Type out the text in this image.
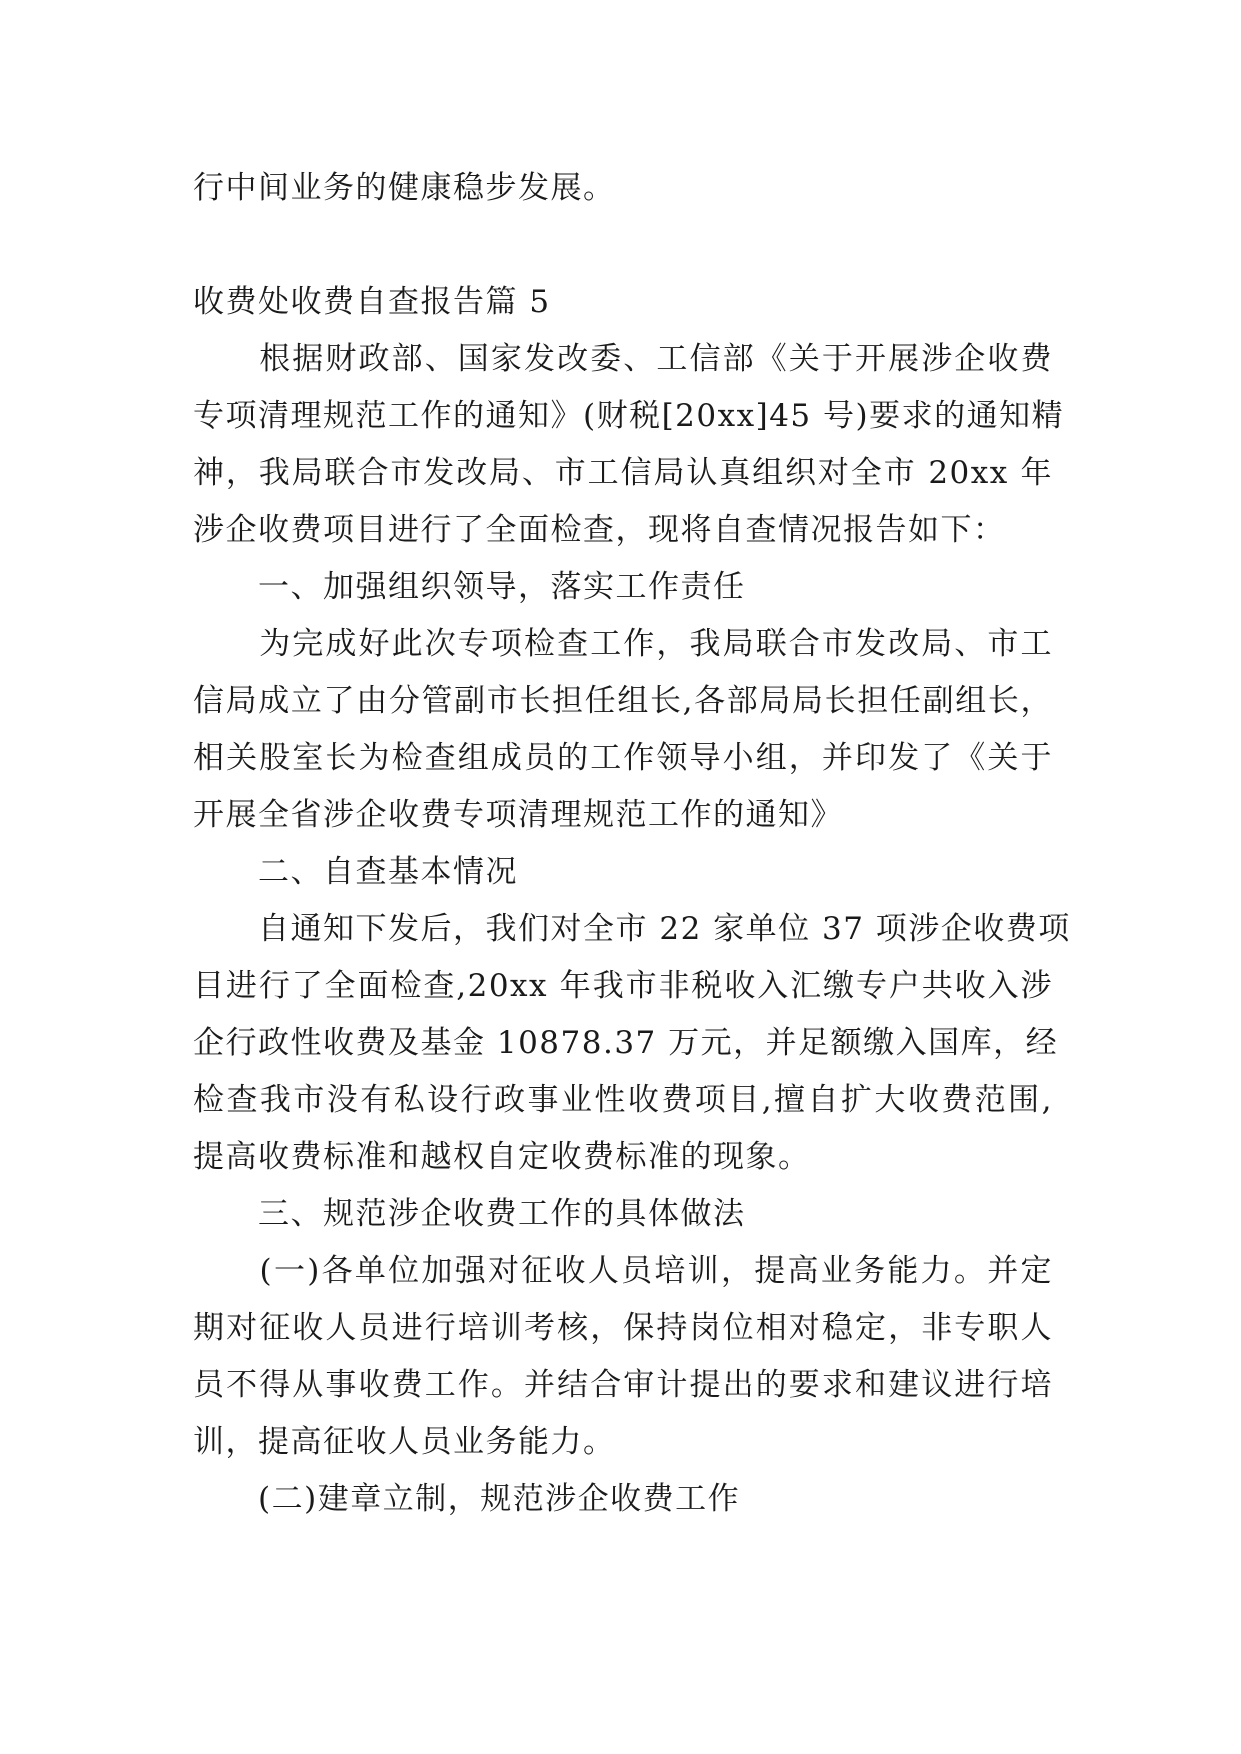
行中间业务的健康稳步发展。
收费处收费自查报告篇 5
　　根据财政部、国家发改委、工信部《关于开展涉企收费
专项清理规范工作的通知》(财税[20xx]45 号)要求的通知精
神，我局联合市发改局、市工信局认真组织对全市 20xx 年
涉企收费项目进行了全面检查，现将自查情况报告如下：
　　一、加强组织领导，落实工作责任
　　为完成好此次专项检查工作，我局联合市发改局、市工
信局成立了由分管副市长担任组长,各部局局长担任副组长，
相关股室长为检查组成员的工作领导小组，并印发了《关于
开展全省涉企收费专项清理规范工作的通知》
　　二、自查基本情况
　　自通知下发后，我们对全市 22 家单位 37 项涉企收费项
目进行了全面检查,20xx 年我市非税收入汇缴专户共收入涉
企行政性收费及基金 10878.37 万元，并足额缴入国库，经
检查我市没有私设行政事业性收费项目,擅自扩大收费范围,
提高收费标准和越权自定收费标准的现象。
　　三、规范涉企收费工作的具体做法
　　(一)各单位加强对征收人员培训，提高业务能力。并定
期对征收人员进行培训考核，保持岗位相对稳定，非专职人
员不得从事收费工作。并结合审计提出的要求和建议进行培
训，提高征收人员业务能力。
　　(二)建章立制，规范涉企收费工作
